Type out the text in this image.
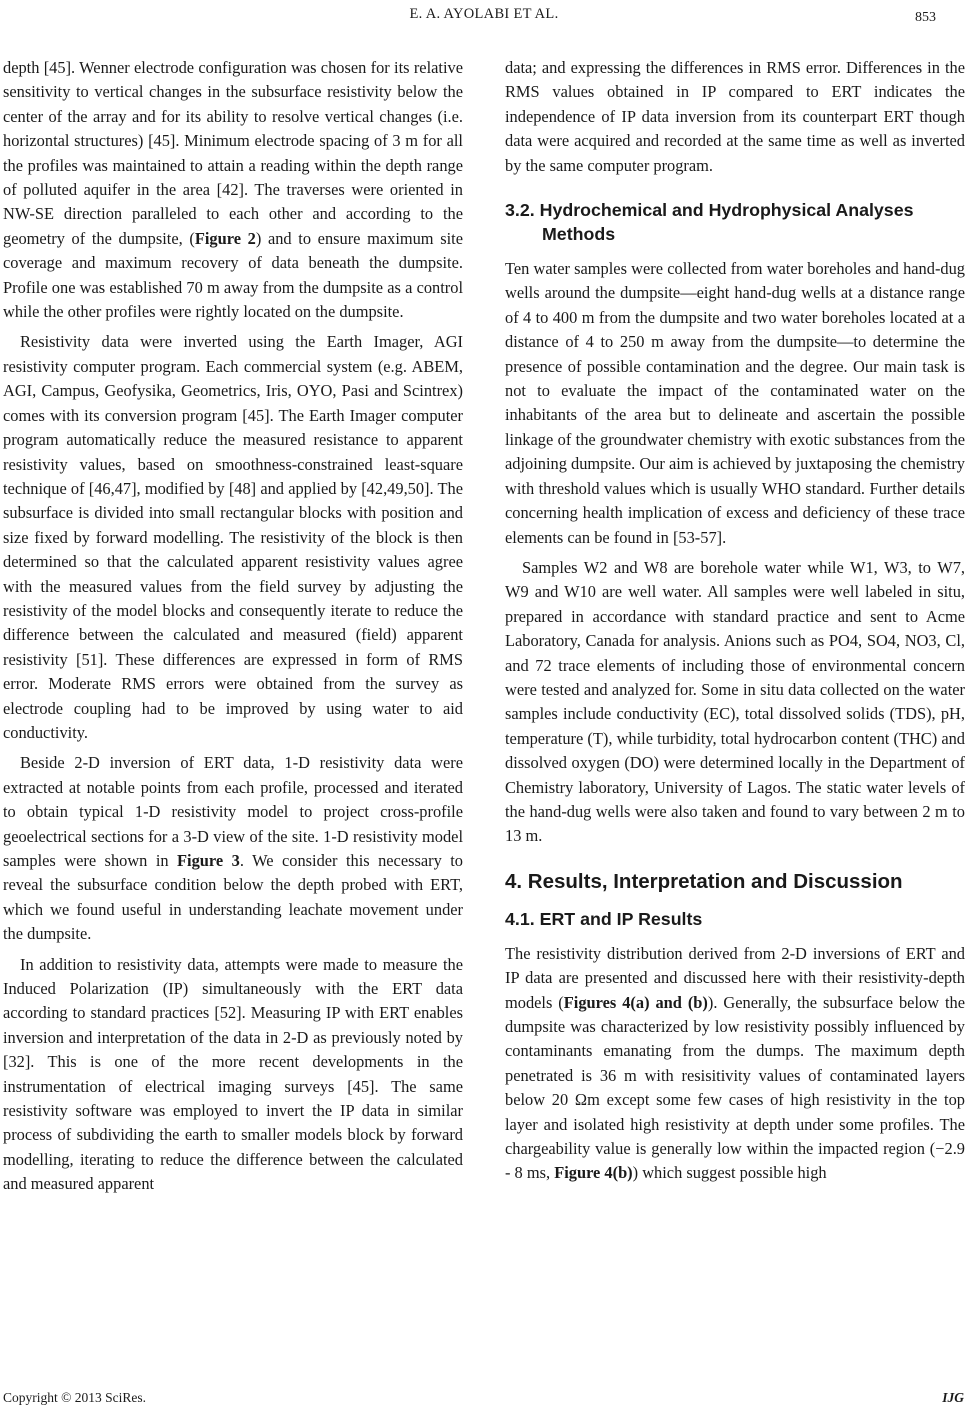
E. A. AYOLABI ET AL.	853

depth [45]. Wenner electrode configuration was chosen for its relative sensitivity to vertical changes in the subsurface resistivity below the center of the array and for its ability to resolve vertical changes (i.e. horizontal structures) [45]. Minimum electrode spacing of 3 m for all the profiles was maintained to attain a reading within the depth range of polluted aquifer in the area [42]. The traverses were oriented in NW-SE direction paralleled to each other and according to the geometry of the dumpsite, (Figure 2) and to ensure maximum site coverage and maximum recovery of data beneath the dumpsite. Profile one was established 70 m away from the dumpsite as a control while the other profiles were rightly located on the dumpsite.

Resistivity data were inverted using the Earth Imager, AGI resistivity computer program. Each commercial system (e.g. ABEM, AGI, Campus, Geofysika, Geometrics, Iris, OYO, Pasi and Scintrex) comes with its conversion program [45]. The Earth Imager computer program automatically reduce the measured resistance to apparent resistivity values, based on smoothness-constrained least-square technique of [46,47], modified by [48] and applied by [42,49,50]. The subsurface is divided into small rectangular blocks with position and size fixed by forward modelling. The resistivity of the block is then determined so that the calculated apparent resistivity values agree with the measured values from the field survey by adjusting the resistivity of the model blocks and consequently iterate to reduce the difference between the calculated and measured (field) apparent resistivity [51]. These differences are expressed in form of RMS error. Moderate RMS errors were obtained from the survey as electrode coupling had to be improved by using water to aid conductivity.

Beside 2-D inversion of ERT data, 1-D resistivity data were extracted at notable points from each profile, processed and iterated to obtain typical 1-D resistivity model to project cross-profile geoelectrical sections for a 3-D view of the site. 1-D resistivity model samples were shown in Figure 3. We consider this necessary to reveal the subsurface condition below the depth probed with ERT, which we found useful in understanding leachate movement under the dumpsite.

In addition to resistivity data, attempts were made to measure the Induced Polarization (IP) simultaneously with the ERT data according to standard practices [52]. Measuring IP with ERT enables inversion and interpretation of the data in 2-D as previously noted by [32]. This is one of the more recent developments in the instrumentation of electrical imaging surveys [45]. The same resistivity software was employed to invert the IP data in similar process of subdividing the earth to smaller models block by forward modelling, iterating to reduce the difference between the calculated and measured apparent

data; and expressing the differences in RMS error. Differences in the RMS values obtained in IP compared to ERT indicates the independence of IP data inversion from its counterpart ERT though data were acquired and recorded at the same time as well as inverted by the same computer program.

3.2. Hydrochemical and Hydrophysical Analyses Methods

Ten water samples were collected from water boreholes and hand-dug wells around the dumpsite—eight hand-dug wells at a distance range of 4 to 400 m from the dumpsite and two water boreholes located at a distance of 4 to 250 m away from the dumpsite—to determine the presence of possible contamination and the degree. Our main task is not to evaluate the impact of the contaminated water on the inhabitants of the area but to delineate and ascertain the possible linkage of the groundwater chemistry with exotic substances from the adjoining dumpsite. Our aim is achieved by juxtaposing the chemistry with threshold values which is usually WHO standard. Further details concerning health implication of excess and deficiency of these trace elements can be found in [53-57].

Samples W2 and W8 are borehole water while W1, W3, to W7, W9 and W10 are well water. All samples were well labeled in situ, prepared in accordance with standard practice and sent to Acme Laboratory, Canada for analysis. Anions such as PO4, SO4, NO3, Cl, and 72 trace elements of including those of environmental concern were tested and analyzed for. Some in situ data collected on the water samples include conductivity (EC), total dissolved solids (TDS), pH, temperature (T), while turbidity, total hydrocarbon content (THC) and dissolved oxygen (DO) were determined locally in the Department of Chemistry laboratory, University of Lagos. The static water levels of the hand-dug wells were also taken and found to vary between 2 m to 13 m.

4. Results, Interpretation and Discussion
4.1. ERT and IP Results

The resistivity distribution derived from 2-D inversions of ERT and IP data are presented and discussed here with their resistivity-depth models (Figures 4(a) and (b)). Generally, the subsurface below the dumpsite was characterized by low resistivity possibly influenced by contaminants emanating from the dumps. The maximum depth penetrated is 36 m with resisitivity values of contaminated layers below 20 Ωm except some few cases of high resistivity in the top layer and isolated high resistivity at depth under some profiles. The chargeability value is generally low within the impacted region (−2.9 - 8 ms, Figure 4(b)) which suggest possible high

Copyright © 2013 SciRes.	IJG
